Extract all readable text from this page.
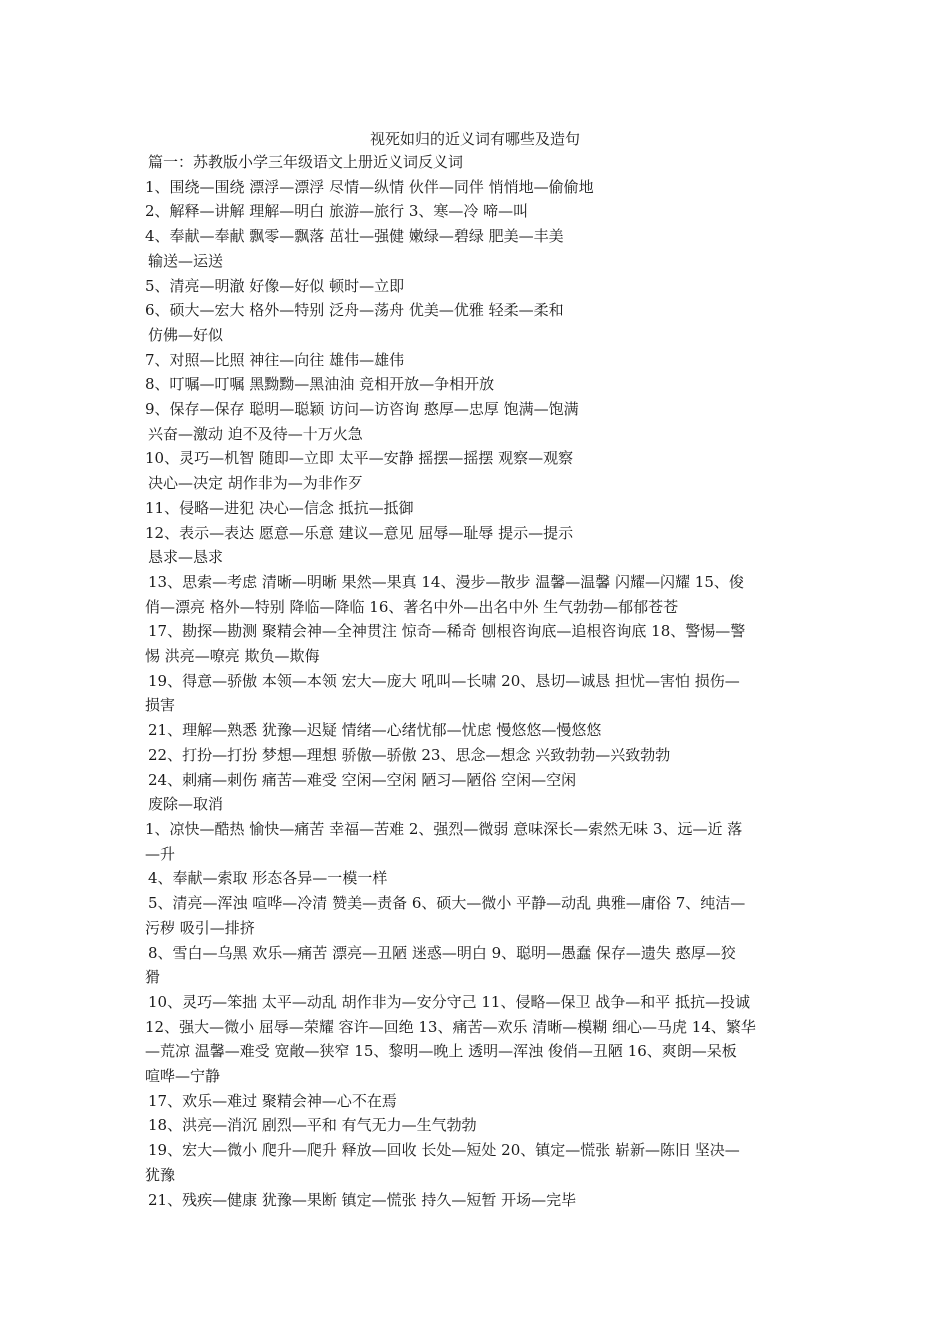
视死如归的近义词有哪些及造句
篇一：苏教版小学三年级语文上册近义词反义词
1、围绕—围绕 漂浮—漂浮 尽情—纵情 伙伴—同伴 悄悄地—偷偷地
2、解释—讲解 理解—明白 旅游—旅行 3、寒—冷 啼—叫
4、奉献—奉献 飘零—飘落 茁壮—强健 嫩绿—碧绿 肥美—丰美
输送—运送
5、清亮—明澈 好像—好似 顿时—立即
6、硕大—宏大 格外—特别 泛舟—荡舟 优美—优雅 轻柔—柔和
仿佛—好似
7、对照—比照 神往—向往 雄伟—雄伟
8、叮嘱—叮嘱 黑黝黝—黑油油 竞相开放—争相开放
9、保存—保存 聪明—聪颖 访问—访咨询 憨厚—忠厚 饱满—饱满
兴奋—激动 迫不及待—十万火急
10、灵巧—机智 随即—立即 太平—安静 摇摆—摇摆 观察—观察
决心—决定 胡作非为—为非作歹
11、侵略—进犯 决心—信念 抵抗—抵御
12、表示—表达 愿意—乐意 建议—意见 屈辱—耻辱 提示—提示
恳求—恳求
13、思索—考虑 清晰—明晰 果然—果真 14、漫步—散步 温馨—温馨 闪耀—闪耀 15、俊
俏—漂亮 格外—特别 降临—降临 16、著名中外—出名中外 生气勃勃—郁郁苍苍
17、勘探—勘测 聚精会神—全神贯注 惊奇—稀奇 刨根咨询底—追根咨询底 18、警惕—警
惕 洪亮—嘹亮 欺负—欺侮
19、得意—骄傲 本领—本领 宏大—庞大 吼叫—长啸 20、恳切—诚恳 担忧—害怕 损伤—
损害
21、理解—熟悉 犹豫—迟疑 情绪—心绪忧郁—忧虑 慢悠悠—慢悠悠
22、打扮—打扮 梦想—理想 骄傲—骄傲 23、思念—想念 兴致勃勃—兴致勃勃
24、刺痛—刺伤 痛苦—难受 空闲—空闲 陋习—陋俗 空闲—空闲
废除—取消
1、凉快—酷热 愉快—痛苦 幸福—苦难 2、强烈—微弱 意味深长—索然无味 3、远—近 落
—升
4、奉献—索取 形态各异—一模一样
5、清亮—浑浊 喧哗—冷清 赞美—责备 6、硕大—微小 平静—动乱 典雅—庸俗 7、纯洁—
污秽 吸引—排挤
8、雪白—乌黑 欢乐—痛苦 漂亮—丑陋 迷惑—明白 9、聪明—愚蠢 保存—遗失 憨厚—狡
猾
10、灵巧—笨拙 太平—动乱 胡作非为—安分守己 11、侵略—保卫 战争—和平 抵抗—投诚
12、强大—微小 屈辱—荣耀 容许—回绝 13、痛苦—欢乐 清晰—模糊 细心—马虎 14、繁华
—荒凉 温馨—难受 宽敞—狭窄 15、黎明—晚上 透明—浑浊 俊俏—丑陋 16、爽朗—呆板
喧哗—宁静
17、欢乐—难过 聚精会神—心不在焉
18、洪亮—消沉 剧烈—平和 有气无力—生气勃勃
19、宏大—微小 爬升—爬升 释放—回收 长处—短处 20、镇定—慌张 崭新—陈旧 坚决—
犹豫
21、残疾—健康 犹豫—果断 镇定—慌张 持久—短暂 开场—完毕
